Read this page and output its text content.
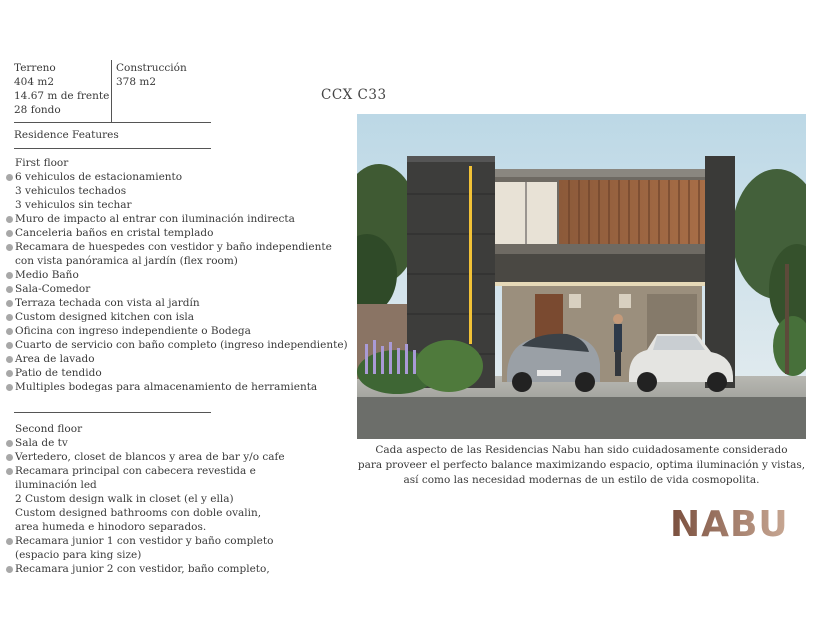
Terreno
404 m2
14.67 m de frente
28 fondo
Construcción
378 m2
Residence Features
First floor
6 vehiculos de estacionamiento
3 vehiculos techados
3 vehiculos sin techar
Muro de impacto al entrar con iluminación indirecta
Canceleria baños en cristal templado
Recamara de huespedes con vestidor y baño independiente
con vista panóramica al jardín (flex room)
Medio Baño
Sala-Comedor
Terraza techada con vista al jardín
Custom designed kitchen con isla
Oficina con ingreso independiente o Bodega
Cuarto de servicio con baño completo (ingreso independiente)
Area de lavado
Patio de tendido
Multiples bodegas para almacenamiento de herramienta
Second floor
Sala de tv
Vertedero, closet de blancos y area de bar y/o cafe
Recamara principal con cabecera revestida e
iluminación led
2 Custom design walk in closet (el y ella)
Custom designed bathrooms con doble ovalin,
area humeda e hinodoro separados.
Recamara junior 1 con vestidor y baño completo
(espacio para king size)
Recamara junior 2 con vestidor, baño completo,
CCX C33
Cada aspecto de las Residencias Nabu han sido cuidadosamente considerado
para proveer el perfecto balance maximizando espacio, optima iluminación y vistas,
así como las necesidad modernas de un estilo de vida cosmopolita.
NABU
